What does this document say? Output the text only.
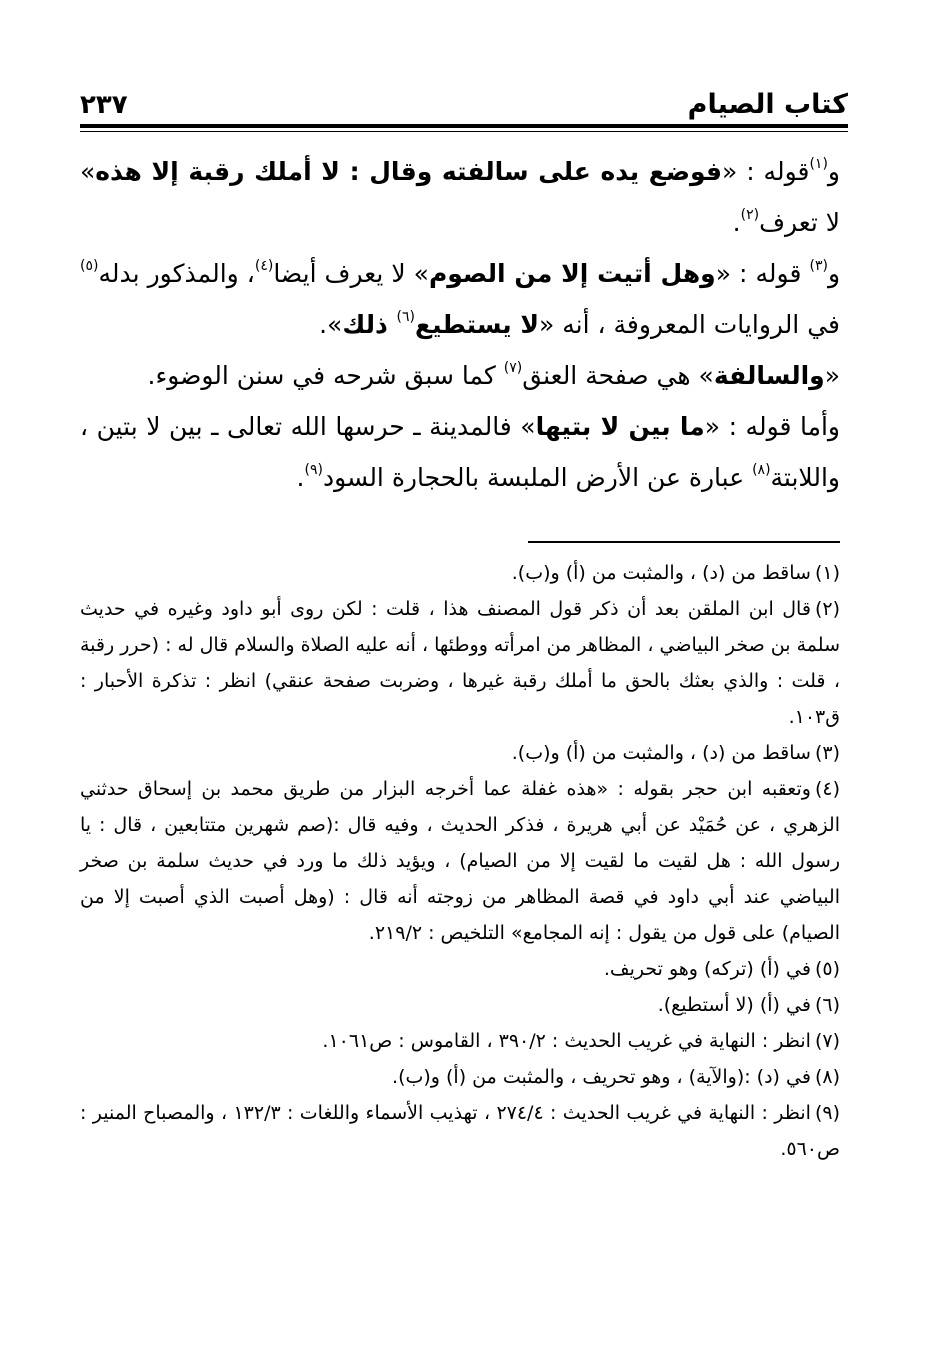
كتاب الصيام
٢٣٧

و$^{(١)}$قوله : «فوضع يده على سالفته وقال : لا أملك رقبة إلا هذه» لا تعرف$^{(٢)}$.

و$^{(٣)}$ قوله : «وهل أتيت إلا من الصوم» لا يعرف أيضا$^{(٤)}$، والمذكور بدله$^{(٥)}$ في الروايات المعروفة ، أنه «لا يستطيع$^{(٦)}$ ذلك».

«والسالفة» هي صفحة العنق$^{(٧)}$ كما سبق شرحه في سنن الوضوء.

وأما قوله : «ما بين لا بتيها» فالمدينة ـ حرسها الله تعالى ـ بين لا بتين ، واللابتة$^{(٨)}$ عبارة عن الأرض الملبسة بالحجارة السود$^{(٩)}$.

(١)ساقط من (د) ، والمثبت من (أ) و(ب).
(٢)قال ابن الملقن بعد أن ذكر قول المصنف هذا ، قلت : لكن روى أبو داود وغيره في حديث سلمة بن صخر البياضي ، المظاهر من امرأته ووطئها ، أنه عليه الصلاة والسلام قال له : (حرر رقبة ، قلت : والذي بعثك بالحق ما أملك رقبة غيرها ، وضربت صفحة عنقي) انظر : تذكرة الأحبار : ق١٠٣.
(٣)ساقط من (د) ، والمثبت من (أ) و(ب).
(٤)وتعقبه ابن حجر بقوله : «هذه غفلة عما أخرجه البزار من طريق محمد بن إسحاق حدثني الزهري ، عن حُمَيْد عن أبي هريرة ، فذكر الحديث ، وفيه قال :(صم شهرين متتابعين ، قال : يا رسول الله : هل لقيت ما لقيت إلا من الصيام) ، ويؤيد ذلك ما ورد في حديث سلمة بن صخر البياضي عند أبي داود في قصة المظاهر من زوجته أنه قال : (وهل أصبت الذي أصبت إلا من الصيام) على قول من يقول : إنه المجامع» التلخيص : ٢١٩/٢.
(٥)في (أ) (تركه) وهو تحريف.
(٦)في (أ) (لا أستطيع).
(٧)انظر : النهاية في غريب الحديث : ٣٩٠/٢ ، القاموس : ص١٠٦١.
(٨)في (د) :(والآية) ، وهو تحريف ، والمثبت من (أ) و(ب).
(٩)انظر : النهاية في غريب الحديث : ٢٧٤/٤ ، تهذيب الأسماء واللغات : ١٣٢/٣ ، والمصباح المنير : ص٥٦٠.
